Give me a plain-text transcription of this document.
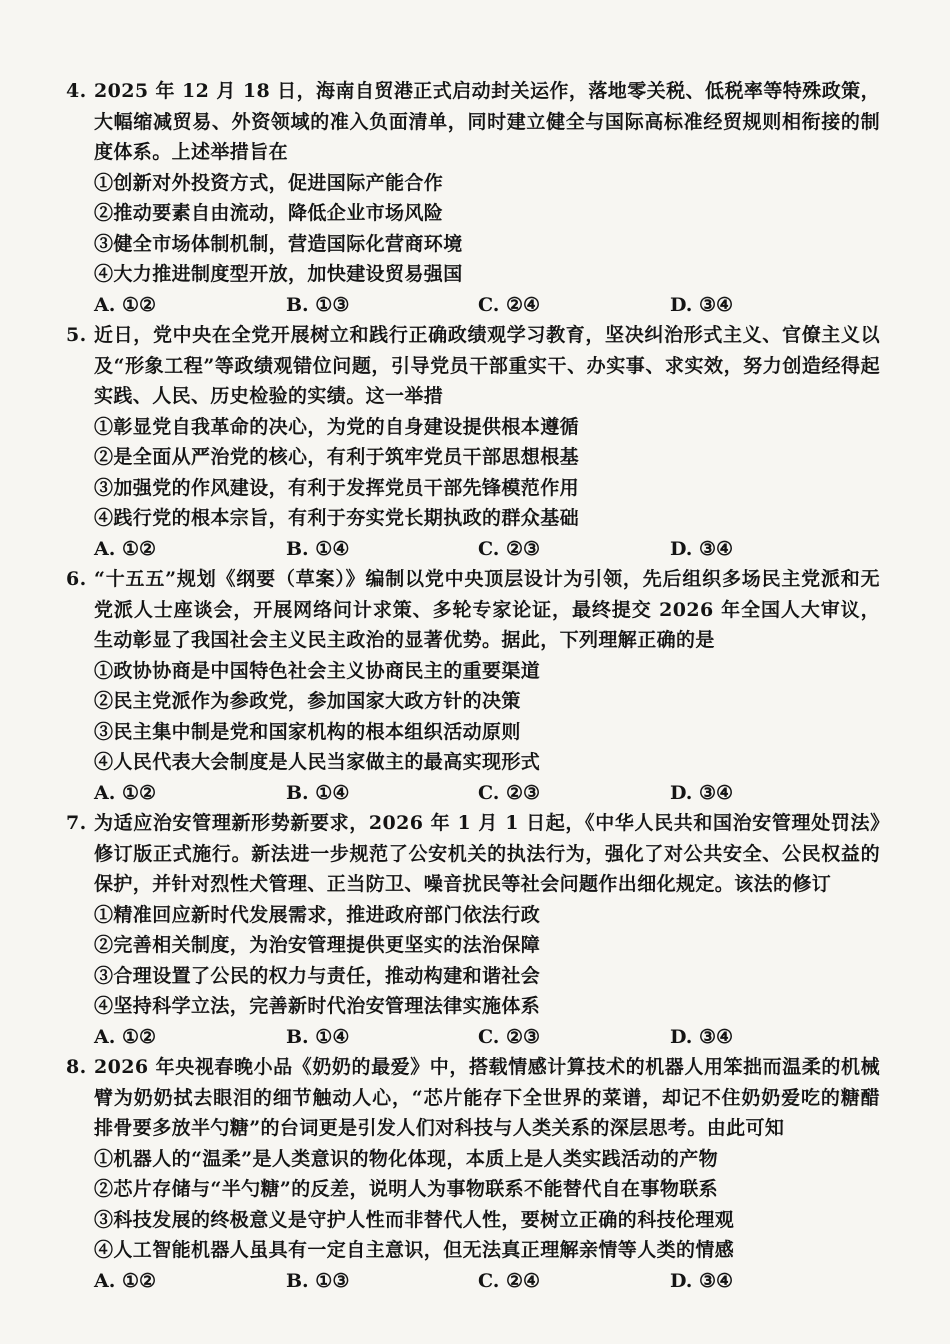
4. 2025 年 12 月 18 日，海南自贸港正式启动封关运作，落地零关税、低税率等特殊政策，大幅缩减贸易、外资领域的准入负面清单，同时建立健全与国际高标准经贸规则相衔接的制度体系。上述举措旨在
①创新对外投资方式，促进国际产能合作
②推动要素自由流动，降低企业市场风险
③健全市场体制机制，营造国际化营商环境
④大力推进制度型开放，加快建设贸易强国
A. ①②	B. ①③	C. ②④	D. ③④
5. 近日，党中央在全党开展树立和践行正确政绩观学习教育，坚决纠治形式主义、官僚主义以及“形象工程”等政绩观错位问题，引导党员干部重实干、办实事、求实效，努力创造经得起实践、人民、历史检验的实绩。这一举措
①彰显党自我革命的决心，为党的自身建设提供根本遵循
②是全面从严治党的核心，有利于筑牢党员干部思想根基
③加强党的作风建设，有利于发挥党员干部先锋模范作用
④践行党的根本宗旨，有利于夯实党长期执政的群众基础
A. ①②	B. ①④	C. ②③	D. ③④
6. “十五五”规划《纲要（草案）》编制以党中央顶层设计为引领，先后组织多场民主党派和无党派人士座谈会，开展网络问计求策、多轮专家论证，最终提交 2026 年全国人大审议，生动彰显了我国社会主义民主政治的显著优势。据此，下列理解正确的是
①政协协商是中国特色社会主义协商民主的重要渠道
②民主党派作为参政党，参加国家大政方针的决策
③民主集中制是党和国家机构的根本组织活动原则
④人民代表大会制度是人民当家做主的最高实现形式
A. ①②	B. ①④	C. ②③	D. ③④
7. 为适应治安管理新形势新要求，2026 年 1 月 1 日起，《中华人民共和国治安管理处罚法》修订版正式施行。新法进一步规范了公安机关的执法行为，强化了对公共安全、公民权益的保护，并针对烈性犬管理、正当防卫、噪音扰民等社会问题作出细化规定。该法的修订
①精准回应新时代发展需求，推进政府部门依法行政
②完善相关制度，为治安管理提供更坚实的法治保障
③合理设置了公民的权力与责任，推动构建和谐社会
④坚持科学立法，完善新时代治安管理法律实施体系
A. ①②	B. ①④	C. ②③	D. ③④
8. 2026 年央视春晚小品《奶奶的最爱》中，搭载情感计算技术的机器人用笨拙而温柔的机械臂为奶奶拭去眼泪的细节触动人心，“芯片能存下全世界的菜谱，却记不住奶奶爱吃的糖醋排骨要多放半勺糖”的台词更是引发人们对科技与人类关系的深层思考。由此可知
①机器人的“温柔”是人类意识的物化体现，本质上是人类实践活动的产物
②芯片存储与“半勺糖”的反差，说明人为事物联系不能替代自在事物联系
③科技发展的终极意义是守护人性而非替代人性，要树立正确的科技伦理观
④人工智能机器人虽具有一定自主意识，但无法真正理解亲情等人类的情感
A. ①②	B. ①③	C. ②④	D. ③④
